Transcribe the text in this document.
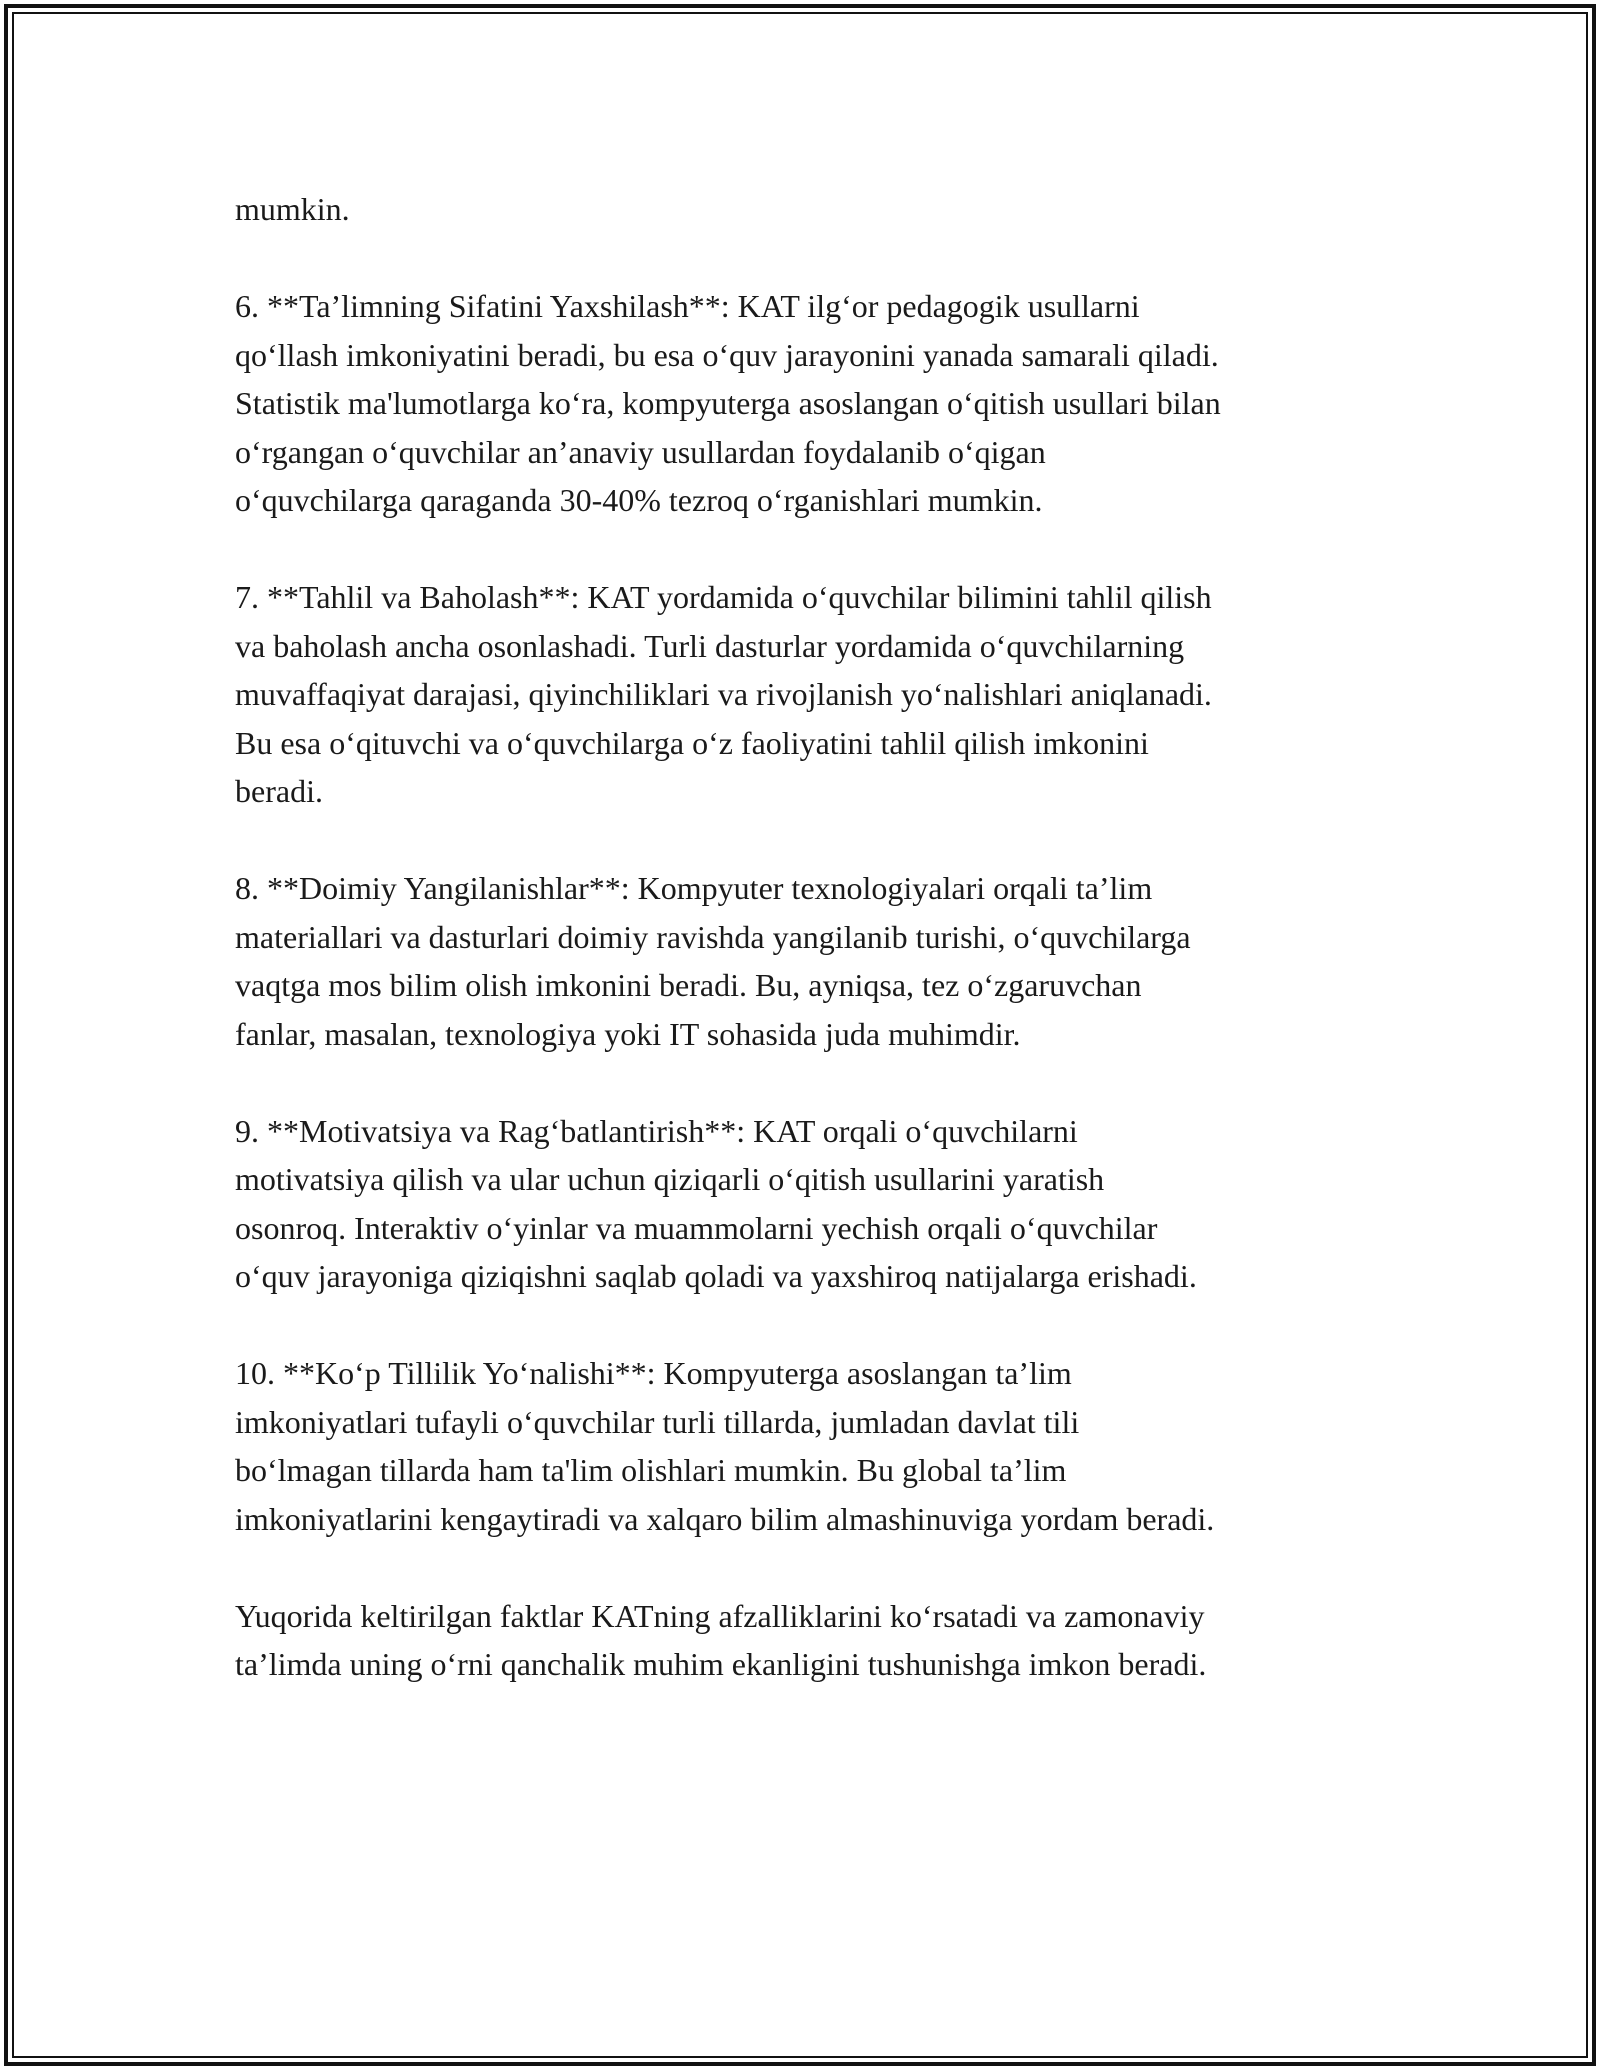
mumkin.

6. **Ta’limning Sifatini Yaxshilash**: KAT ilg‘or pedagogik usullarni
qo‘llash imkoniyatini beradi, bu esa o‘quv jarayonini yanada samarali qiladi.
Statistik ma'lumotlarga ko‘ra, kompyuterga asoslangan o‘qitish usullari bilan
o‘rgangan o‘quvchilar an’anaviy usullardan foydalanib o‘qigan
o‘quvchilarga qaraganda 30-40% tezroq o‘rganishlari mumkin.

7. **Tahlil va Baholash**: KAT yordamida o‘quvchilar bilimini tahlil qilish
va baholash ancha osonlashadi. Turli dasturlar yordamida o‘quvchilarning
muvaffaqiyat darajasi, qiyinchiliklari va rivojlanish yo‘nalishlari aniqlanadi.
Bu esa o‘qituvchi va o‘quvchilarga o‘z faoliyatini tahlil qilish imkonini
beradi.

8. **Doimiy Yangilanishlar**: Kompyuter texnologiyalari orqali ta’lim
materiallari va dasturlari doimiy ravishda yangilanib turishi, o‘quvchilarga
vaqtga mos bilim olish imkonini beradi. Bu, ayniqsa, tez o‘zgaruvchan
fanlar, masalan, texnologiya yoki IT sohasida juda muhimdir.

9. **Motivatsiya va Rag‘batlantirish**: KAT orqali o‘quvchilarni
motivatsiya qilish va ular uchun qiziqarli o‘qitish usullarini yaratish
osonroq. Interaktiv o‘yinlar va muammolarni yechish orqali o‘quvchilar
o‘quv jarayoniga qiziqishni saqlab qoladi va yaxshiroq natijalarga erishadi.

10. **Ko‘p Tillilik Yo‘nalishi**: Kompyuterga asoslangan ta’lim
imkoniyatlari tufayli o‘quvchilar turli tillarda, jumladan davlat tili
bo‘lmagan tillarda ham ta'lim olishlari mumkin. Bu global ta’lim
imkoniyatlarini kengaytiradi va xalqaro bilim almashinuviga yordam beradi.

Yuqorida keltirilgan faktlar KATning afzalliklarini ko‘rsatadi va zamonaviy
ta’limda uning o‘rni qanchalik muhim ekanligini tushunishga imkon beradi.
